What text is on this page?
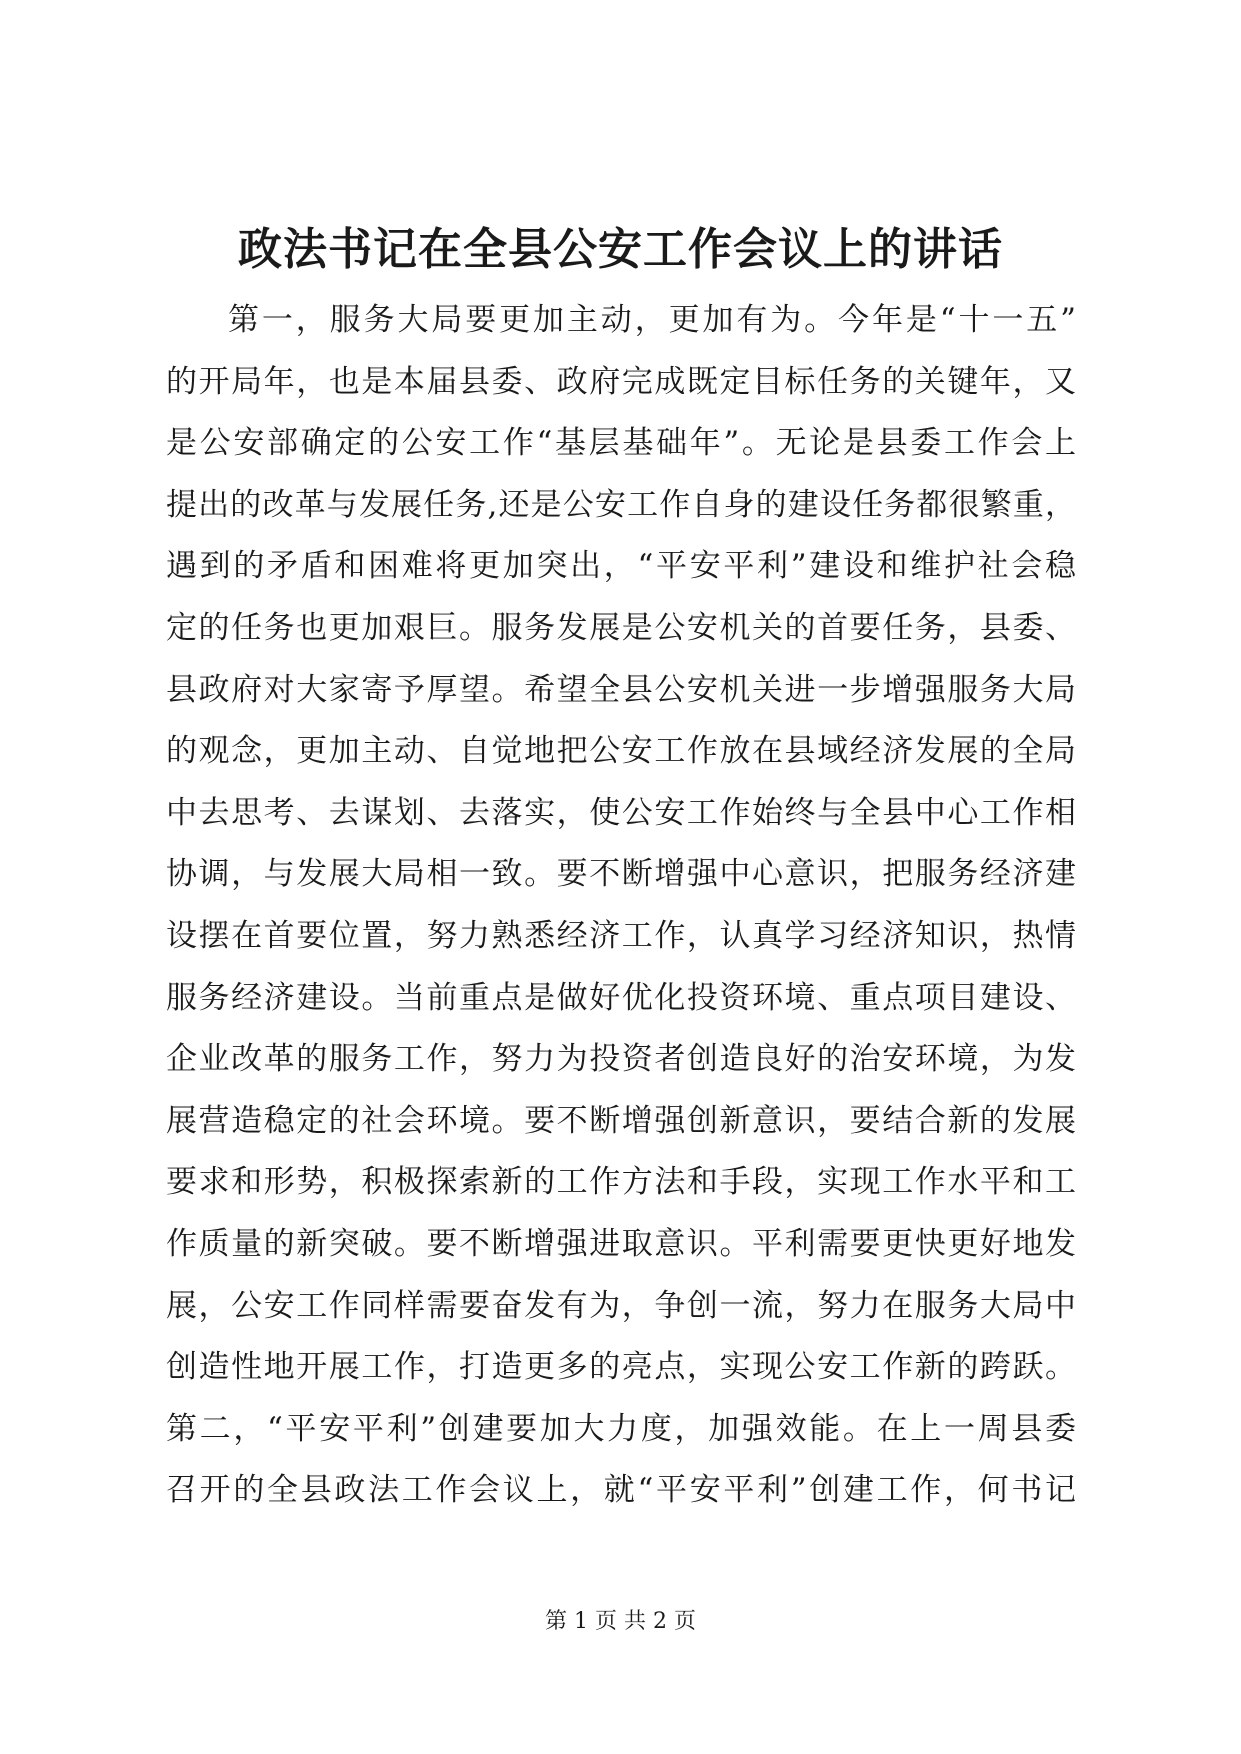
政法书记在全县公安工作会议上的讲话
第一，服务大局要更加主动，更加有为。今年是“十一五”
的开局年，也是本届县委、政府完成既定目标任务的关键年，又
是公安部确定的公安工作“基层基础年”。无论是县委工作会上
提出的改革与发展任务,还是公安工作自身的建设任务都很繁重，
遇到的矛盾和困难将更加突出，“平安平利”建设和维护社会稳
定的任务也更加艰巨。服务发展是公安机关的首要任务，县委、
县政府对大家寄予厚望。希望全县公安机关进一步增强服务大局
的观念，更加主动、自觉地把公安工作放在县域经济发展的全局
中去思考、去谋划、去落实，使公安工作始终与全县中心工作相
协调，与发展大局相一致。要不断增强中心意识，把服务经济建
设摆在首要位置，努力熟悉经济工作，认真学习经济知识，热情
服务经济建设。当前重点是做好优化投资环境、重点项目建设、
企业改革的服务工作，努力为投资者创造良好的治安环境，为发
展营造稳定的社会环境。要不断增强创新意识，要结合新的发展
要求和形势，积极探索新的工作方法和手段，实现工作水平和工
作质量的新突破。要不断增强进取意识。平利需要更快更好地发
展，公安工作同样需要奋发有为，争创一流，努力在服务大局中
创造性地开展工作，打造更多的亮点，实现公安工作新的跨跃。
第二，“平安平利”创建要加大力度，加强效能。在上一周县委
召开的全县政法工作会议上，就“平安平利”创建工作，何书记
第 1 页 共 2 页
